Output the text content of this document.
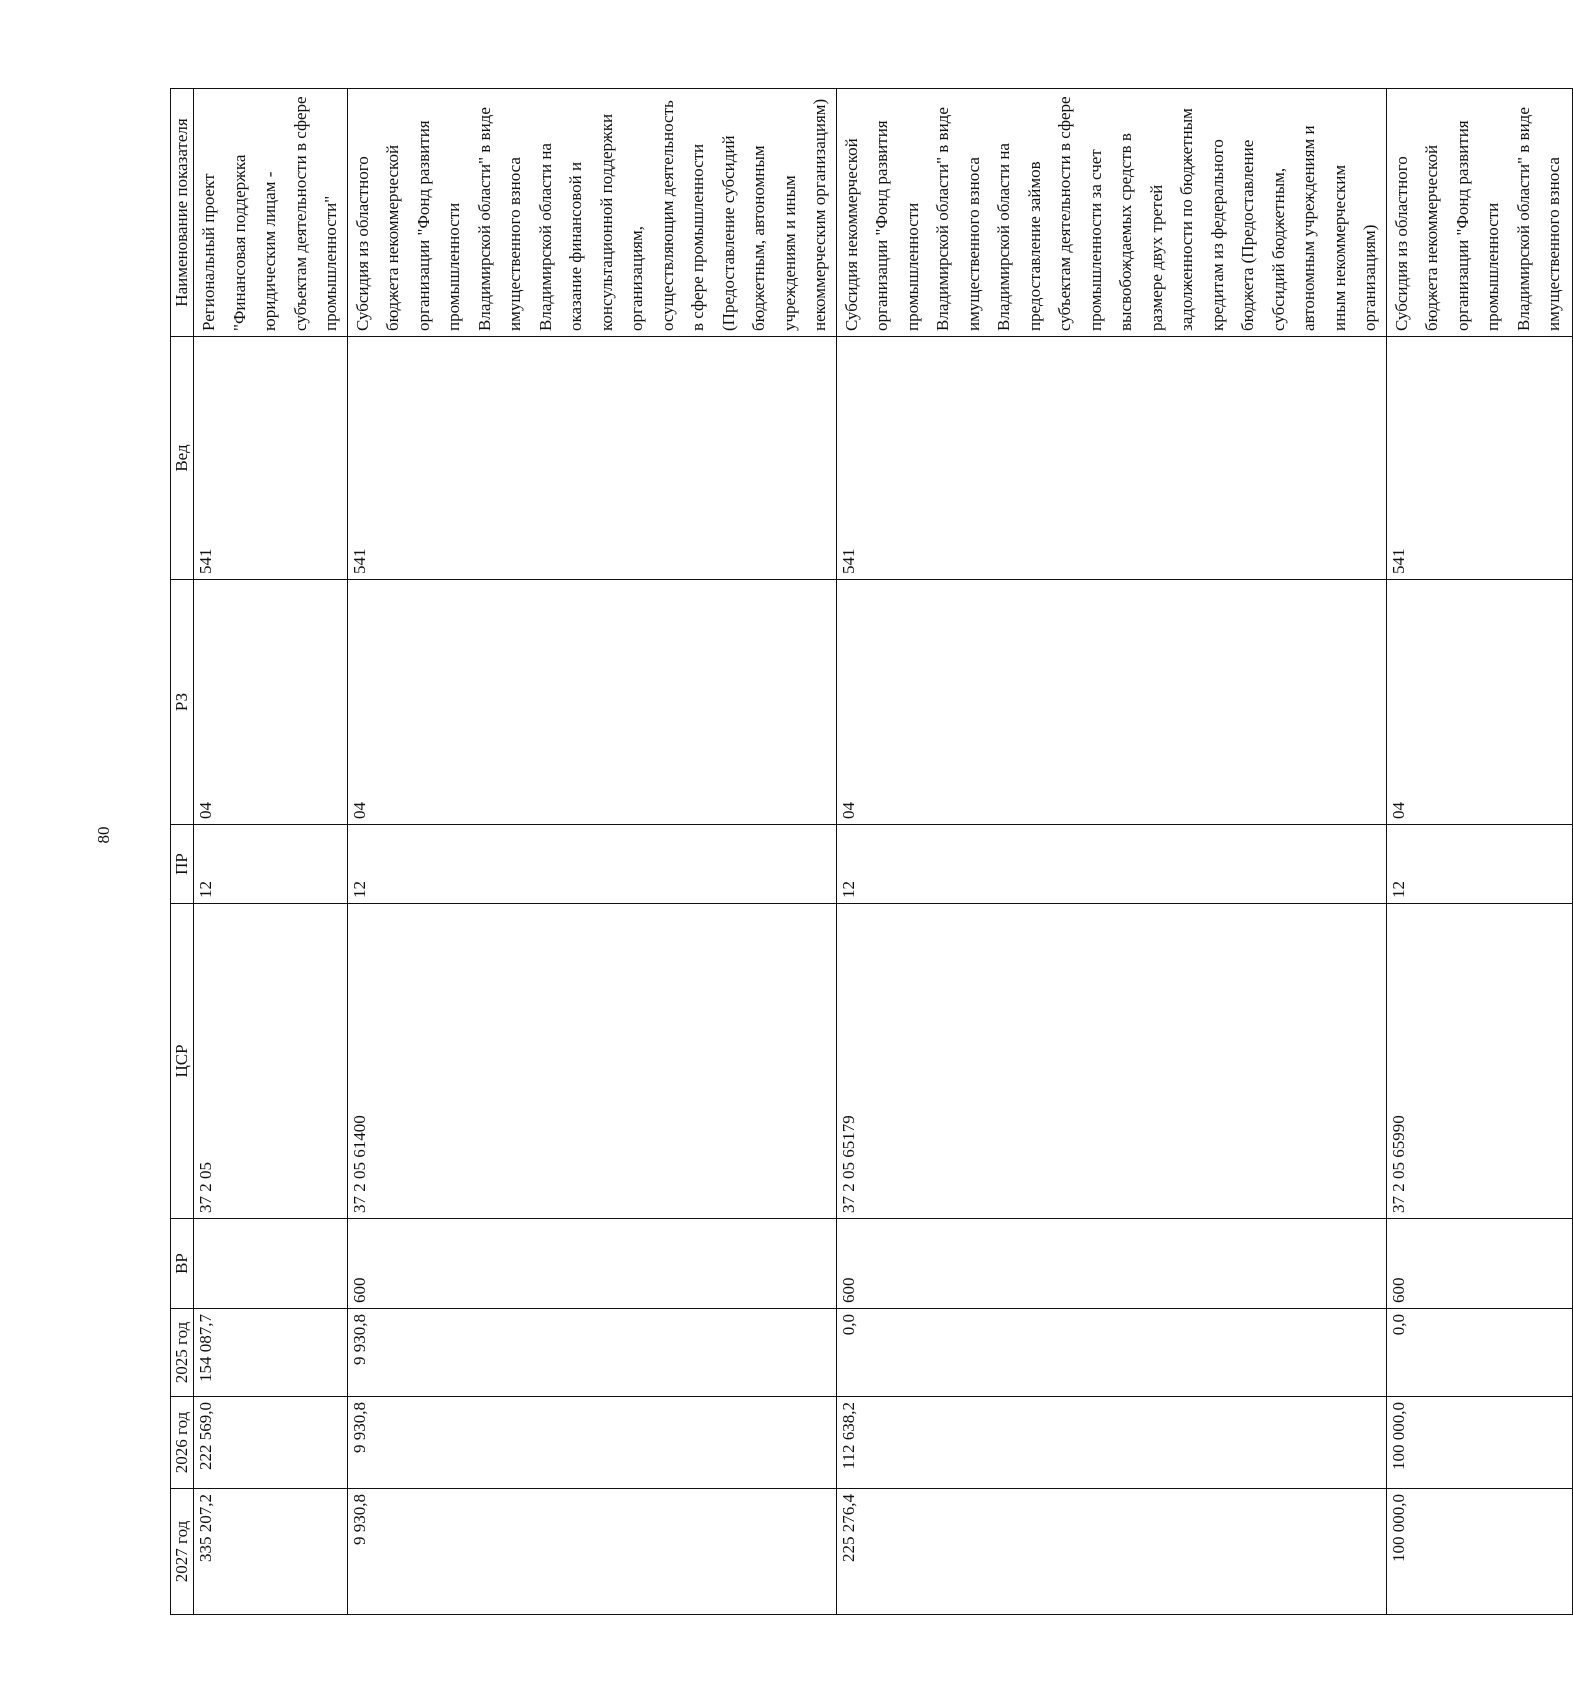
80
2027 год	2026 год	2025 год	ВР	ЦСР	ПР	РЗ	Вед	Наименование показателя
335 207,2	222 569,0	154 087,7		37 2 05	12	04	541	Региональный проект "Финансовая поддержка юридическим лицам - субъектам деятельности в сфере промышленности"
9 930,8	9 930,8	9 930,8	600	37 2 05 61400	12	04	541	Субсидия из областного бюджета некоммерческой организации "Фонд развития промышленности Владимирской области" в виде имущественного взноса Владимирской области на оказание финансовой и консультационной поддержки организациям, осуществляющим деятельность в сфере промышленности (Предоставление субсидий бюджетным, автономным учреждениям и иным некоммерческим организациям)
225 276,4	112 638,2	0,0	600	37 2 05 65179	12	04	541	Субсидия некоммерческой организации "Фонд развития промышленности Владимирской области" в виде имущественного взноса Владимирской области на предоставление займов субъектам деятельности в сфере промышленности за счет высвобождаемых средств в размере двух третей задолженности по бюджетным кредитам из федерального бюджета (Предоставление субсидий бюджетным, автономным учреждениям и иным некоммерческим организациям)
100 000,0	100 000,0	0,0	600	37 2 05 65990	12	04	541	Субсидия из областного бюджета некоммерческой организации "Фонд развития промышленности Владимирской области" в виде имущественного взноса
